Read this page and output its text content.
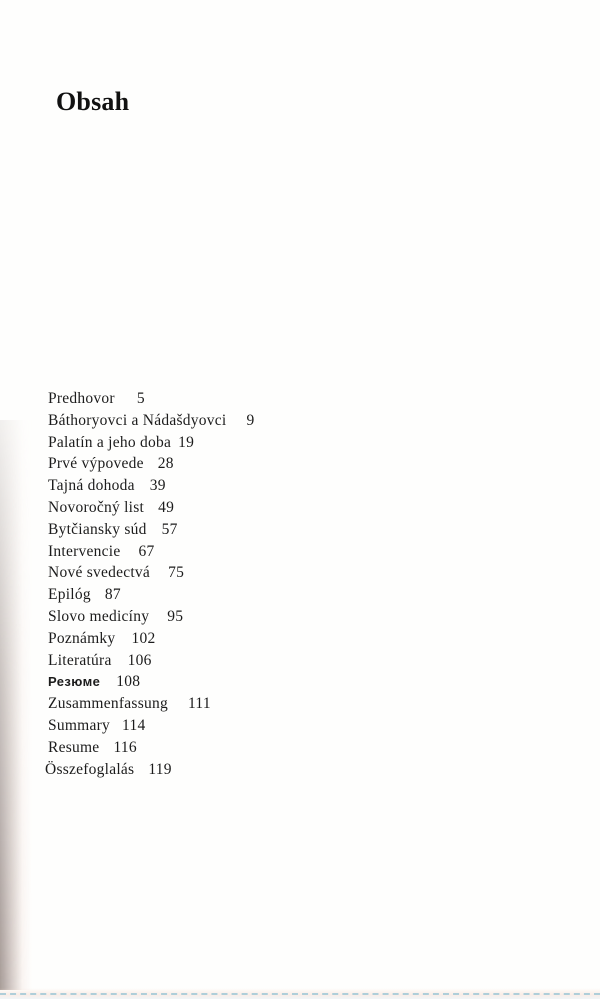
Obsah
Predhovor 5
Báthoryovci a Nádašdyovci 9
Palatín a jeho doba 19
Prvé výpovede 28
Tajná dohoda 39
Novoročný list 49
Bytčiansky súd 57
Intervencie 67
Nové svedectvá 75
Epilóg 87
Slovo medicíny 95
Poznámky 102
Literatúra 106
Резюме 108
Zusammenfassung 111
Summary 114
Resume 116
Összefoglalás 119
